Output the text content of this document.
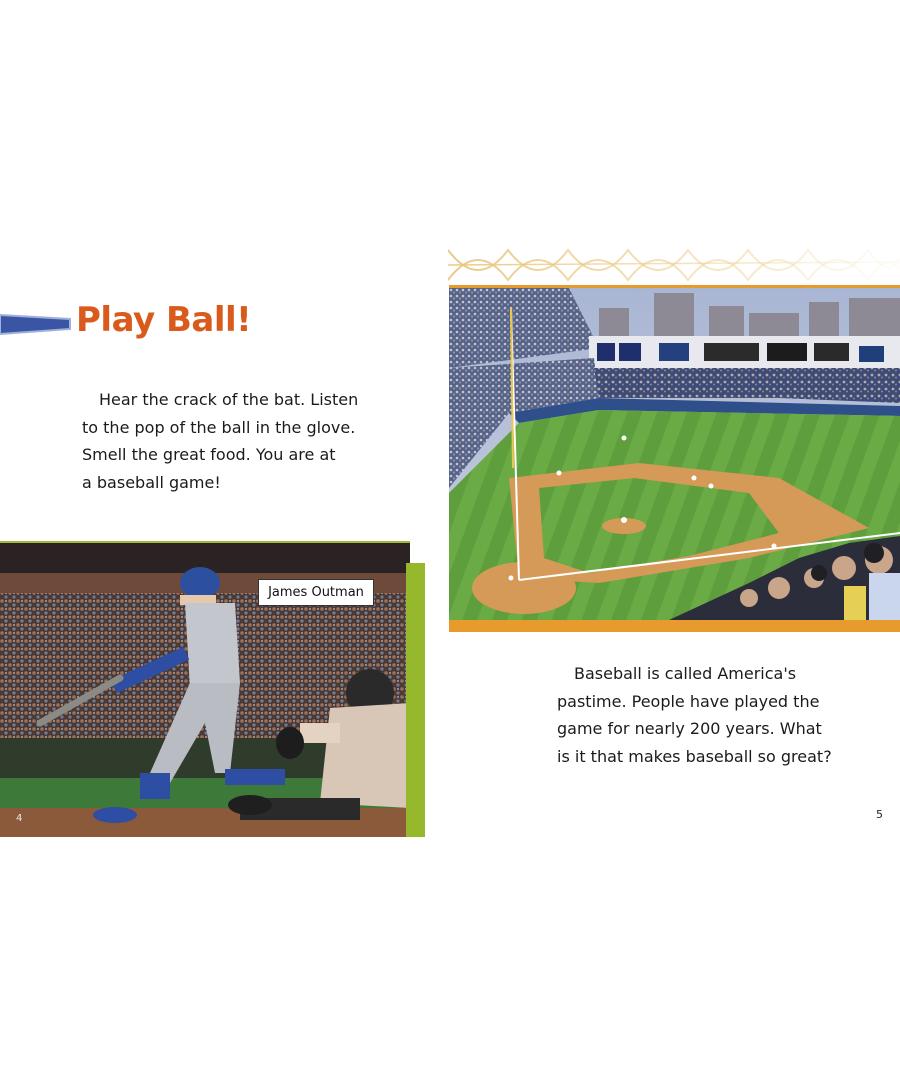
Play Ball!
Hear the crack of the bat. Listen
to the pop of the ball in the glove.
Smell the great food. You are at
a baseball game!
James Outman
Baseball is called America's
pastime. People have played the
game for nearly 200 years. What
is it that makes baseball so great?
4	5
